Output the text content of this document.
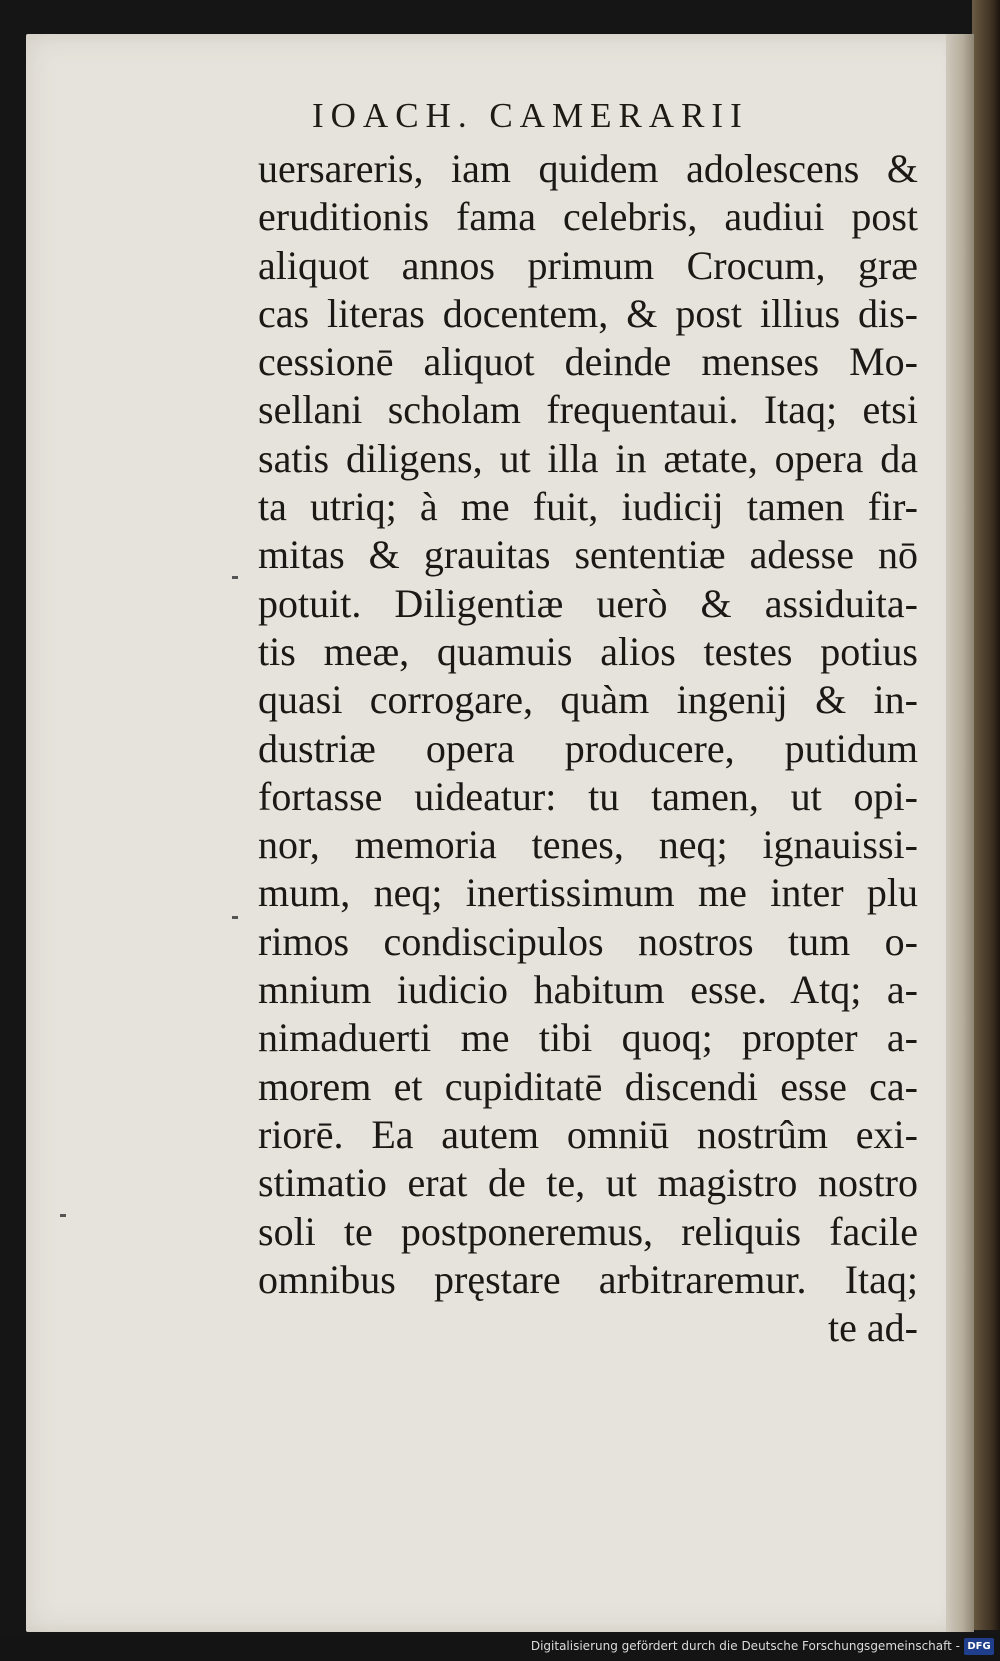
IOACH. CAMERARII
uersareris, iam quidem adolescens &
eruditionis fama celebris, audiui post
aliquot annos primum Crocum, græ
cas literas docentem, & post illius dis-
cessionē aliquot deinde menses Mo-
sellani scholam frequentaui. Itaq; etsi
satis diligens, ut illa in ætate, opera da
ta utriq; à me fuit, iudicij tamen fir-
mitas & grauitas sententiæ adesse nō
potuit. Diligentiæ uerò & assiduita-
tis meæ, quamuis alios testes potius
quasi corrogare, quàm ingenij & in-
dustriæ opera producere, putidum
fortasse uideatur: tu tamen, ut opi-
nor, memoria tenes, neq; ignauissi-
mum, neq; inertissimum me inter plu
rimos condiscipulos nostros tum o-
mnium iudicio habitum esse. Atq; a-
nimaduerti me tibi quoq; propter a-
morem et cupiditatē discendi esse ca-
riorē. Ea autem omniū nostrûm exi-
stimatio erat de te, ut magistro nostro
soli te postponeremus, reliquis facile
omnibus pręstare arbitraremur. Itaq;
te ad-
Digitalisierung gefördert durch die Deutsche Forschungsgemeinschaft - DFG
